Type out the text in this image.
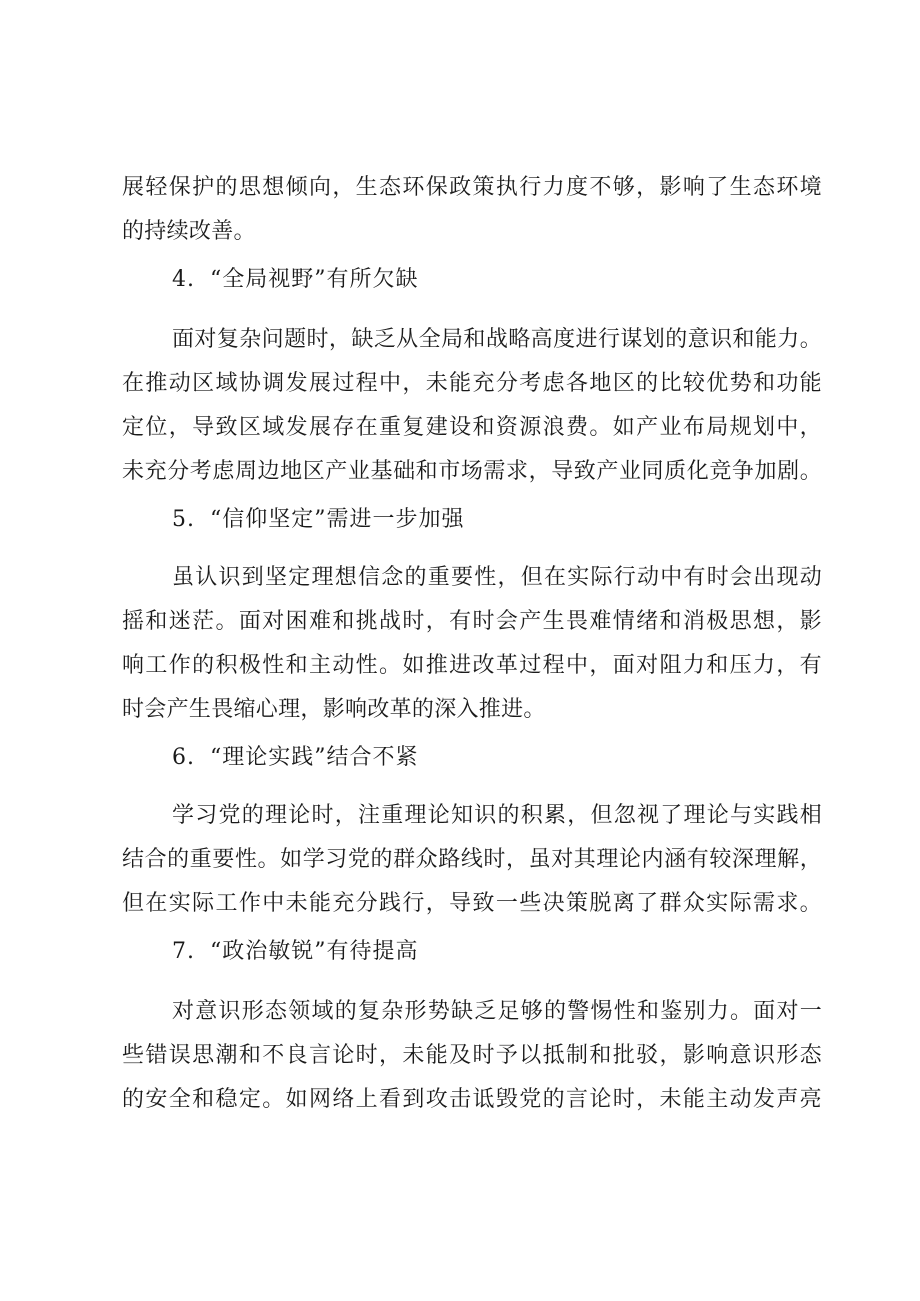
展轻保护的思想倾向，生态环保政策执行力度不够，影响了生态环境
的持续改善。
4. “全局视野”有所欠缺
面对复杂问题时，缺乏从全局和战略高度进行谋划的意识和能力。
在推动区域协调发展过程中，未能充分考虑各地区的比较优势和功能
定位，导致区域发展存在重复建设和资源浪费。如产业布局规划中，
未充分考虑周边地区产业基础和市场需求，导致产业同质化竞争加剧。
5. “信仰坚定”需进一步加强
虽认识到坚定理想信念的重要性，但在实际行动中有时会出现动
摇和迷茫。面对困难和挑战时，有时会产生畏难情绪和消极思想，影
响工作的积极性和主动性。如推进改革过程中，面对阻力和压力，有
时会产生畏缩心理，影响改革的深入推进。
6. “理论实践”结合不紧
学习党的理论时，注重理论知识的积累，但忽视了理论与实践相
结合的重要性。如学习党的群众路线时，虽对其理论内涵有较深理解，
但在实际工作中未能充分践行，导致一些决策脱离了群众实际需求。
7. “政治敏锐”有待提高
对意识形态领域的复杂形势缺乏足够的警惕性和鉴别力。面对一
些错误思潮和不良言论时，未能及时予以抵制和批驳，影响意识形态
的安全和稳定。如网络上看到攻击诋毁党的言论时，未能主动发声亮
